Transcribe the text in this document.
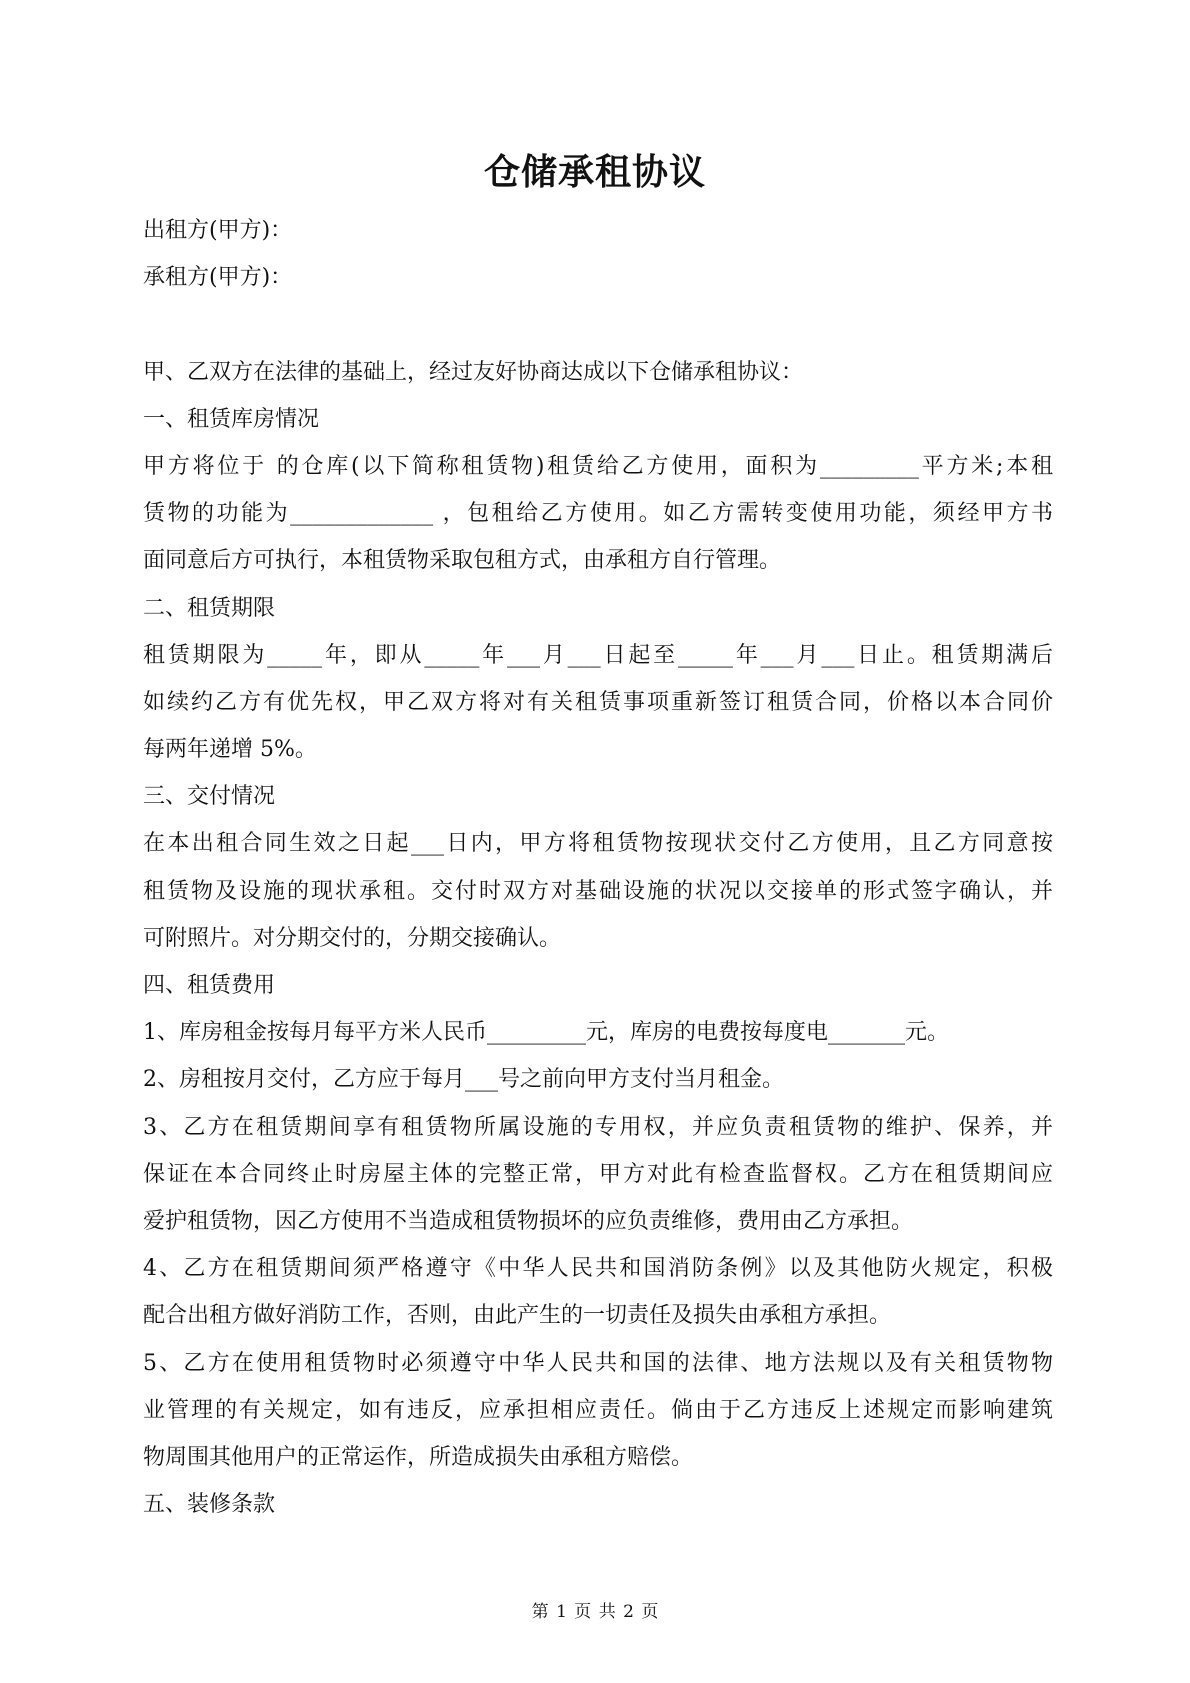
仓储承租协议
出租方(甲方)：
承租方(甲方)：
甲、乙双方在法律的基础上，经过友好协商达成以下仓储承租协议：
一、租赁库房情况
甲方将位于 的仓库(以下简称租赁物)租赁给乙方使用，面积为_________平方米;本租
赁物的功能为_____________ ，包租给乙方使用。如乙方需转变使用功能，须经甲方书
面同意后方可执行，本租赁物采取包租方式，由承租方自行管理。
二、租赁期限
租赁期限为_____年，即从_____年___月___日起至_____年___月___日止。租赁期满后
如续约乙方有优先权，甲乙双方将对有关租赁事项重新签订租赁合同，价格以本合同价
每两年递增 5%。
三、交付情况
在本出租合同生效之日起___日内，甲方将租赁物按现状交付乙方使用，且乙方同意按
租赁物及设施的现状承租。交付时双方对基础设施的状况以交接单的形式签字确认，并
可附照片。对分期交付的，分期交接确认。
四、租赁费用
1、库房租金按每月每平方米人民币_________元，库房的电费按每度电_______元。
2、房租按月交付，乙方应于每月___号之前向甲方支付当月租金。
3、乙方在租赁期间享有租赁物所属设施的专用权，并应负责租赁物的维护、保养，并
保证在本合同终止时房屋主体的完整正常，甲方对此有检查监督权。乙方在租赁期间应
爱护租赁物，因乙方使用不当造成租赁物损坏的应负责维修，费用由乙方承担。
4、乙方在租赁期间须严格遵守《中华人民共和国消防条例》以及其他防火规定，积极
配合出租方做好消防工作，否则，由此产生的一切责任及损失由承租方承担。
5、乙方在使用租赁物时必须遵守中华人民共和国的法律、地方法规以及有关租赁物物
业管理的有关规定，如有违反，应承担相应责任。倘由于乙方违反上述规定而影响建筑
物周围其他用户的正常运作，所造成损失由承租方赔偿。
五、装修条款
第 1 页 共 2 页
